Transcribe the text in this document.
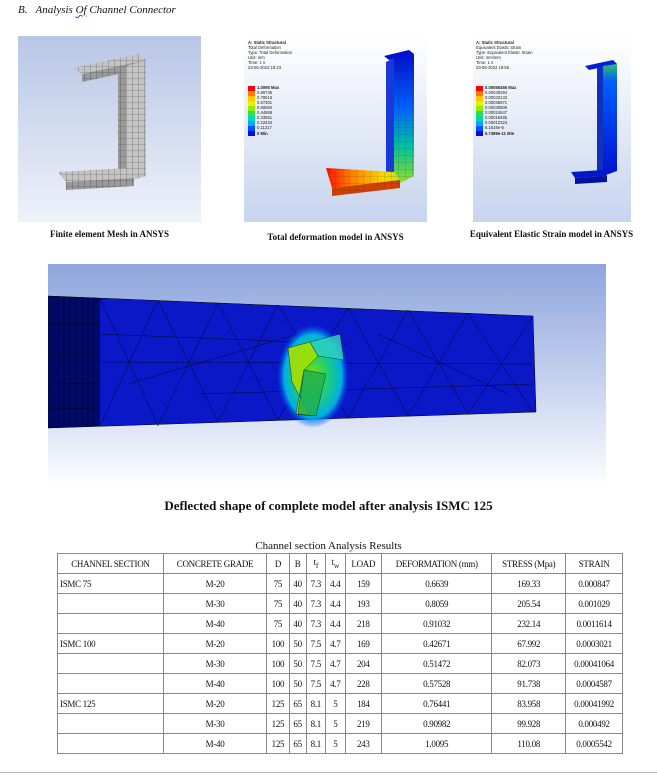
B. Analysis Of Channel Connector
Finite element Mesh in ANSYS
A: Static Structural
Total Deformation
Type: Total Deformation
Unit: mm
Time: 1 s
23-05-2022 19:23
1.0095 Max
0.89735
0.78516
0.67301
0.56084
0.44868
0.33651
0.22434
0.11217
0 Min
Total deformation model in ANSYS
A: Static Structural
Equivalent Elastic Strain
Type: Equivalent Elastic Strain
Unit: mm/mm
Time: 1 s
23-05-2022 19:55
0.00055456 Max
0.00049294
0.00043133
0.00036971
0.00030809
0.00024647
0.00018485
0.00012324
6.1616e-5
5.7489e-11 Min
Equivalent Elastic Strain model in ANSYS
Deflected shape of complete model after analysis ISMC 125
Channel section Analysis Results
CHANNEL SECTION	CONCRETE GRADE	D	B	$t_f$	$t_w$	LOAD	DEFORMATION (mm)	STRESS (Mpa)	STRAIN
ISMC 75	M-20	75	40	7.3	4.4	159	0.6639	169.33	0.000847
	M-30	75	40	7.3	4.4	193	0.8059	205.54	0.001029
	M-40	75	40	7.3	4.4	218	0.91032	232.14	0.0011614
ISMC 100	M-20	100	50	7.5	4.7	169	0.42671	67.992	0.0003021
	M-30	100	50	7.5	4.7	204	0.51472	82.073	0.00041064
	M-40	100	50	7.5	4.7	228	0.57528	91.738	0.0004587
ISMC 125	M-20	125	65	8.1	5	184	0.76441	83.958	0.00041992
	M-30	125	65	8.1	5	219	0.90982	99.928	0.000492
	M-40	125	65	8.1	5	243	1.0095	110.08	0.0005542
